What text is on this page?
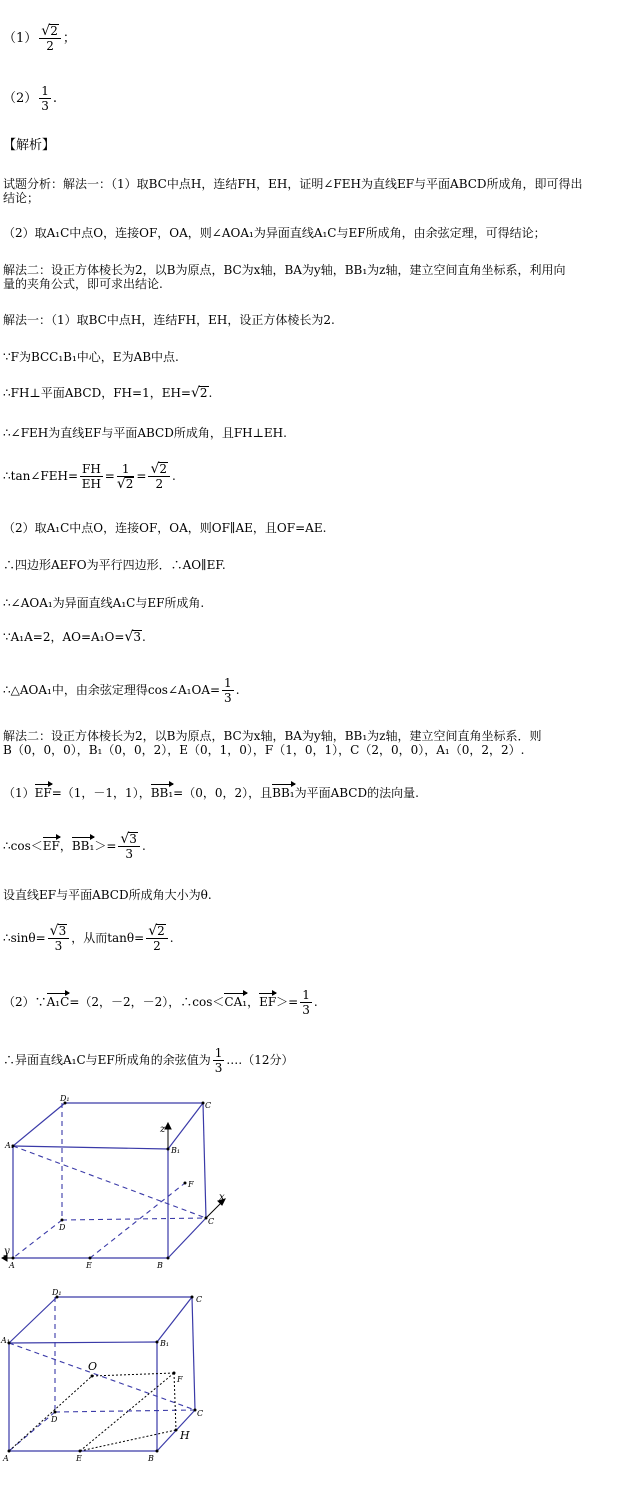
$(1) \frac{√2}{2}$ ；
$(2) \frac{1}{3}$ .
【解析】
试题分析：解法一：（1）取BC中点H，连结FH，EH，证明∠FEH为直线EF与平面ABCD所成角，即可得出
结论；
（2）取A₁C中点O，连接OF，OA，则∠AOA₁为异面直线A₁C与EF所成角，由余弦定理，可得结论；
解法二：设正方体棱长为2，以B为原点，BC为x轴，BA为y轴，BB₁为z轴，建立空间直角坐标系，利用向
量的夹角公式，即可求出结论.
解法一：（1）取BC中点H，连结FH，EH，设正方体棱长为2.
∵F为BCC₁B₁中心，E为AB中点.
∴FH⊥平面ABCD，FH=1，EH=√2.
∴∠FEH为直线EF与平面ABCD所成角，且FH⊥EH.
∴tan∠FEH= $\frac{FH}{EH} = \frac{1}{√2} = \frac{√2}{2}$ .
（2）取A₁C中点O，连接OF，OA，则OF∥AE，且OF=AE.
∴四边形AEFO为平行四边形．∴AO∥EF.
∴∠AOA₁为异面直线A₁C与EF所成角.
∵A₁A=2，AO=A₁O=√3.
∴△AOA₁中，由余弦定理得cos∠A₁OA= $\frac{1}{3}$ .
解法二：设正方体棱长为2，以B为原点，BC为x轴，BA为y轴，BB₁为z轴，建立空间直角坐标系．则
B（0，0，0），B₁（0，0，2），E（0，1，0），F（1，0，1），C（2，0，0），A₁（0，2，2）.
（1）EF=（1，－1，1），BB₁=（0，0，2），且BB₁为平面ABCD的法向量.
∴cos＜EF，$BB_1>= \frac{√3}{3}$ .
设直线EF与平面ABCD所成角大小为θ.
∴sinθ= $\frac{√3}{3}$ ，从而$\tan\theta= \frac{√2}{2}$ .
（2）∵A₁C=（2，－2，－2），∴cos＜CA₁，$EF>= \frac{1}{3}$ .
∴异面直线A₁C与EF所成角的余弦值为 $\frac{1}{3}$ .…（12分）
D₁
C
A₁
B₁
z
F
x
C
D
y
A	E	B
D₁
C
A₁	B₁
O
F
C
D
H
A	E	B
